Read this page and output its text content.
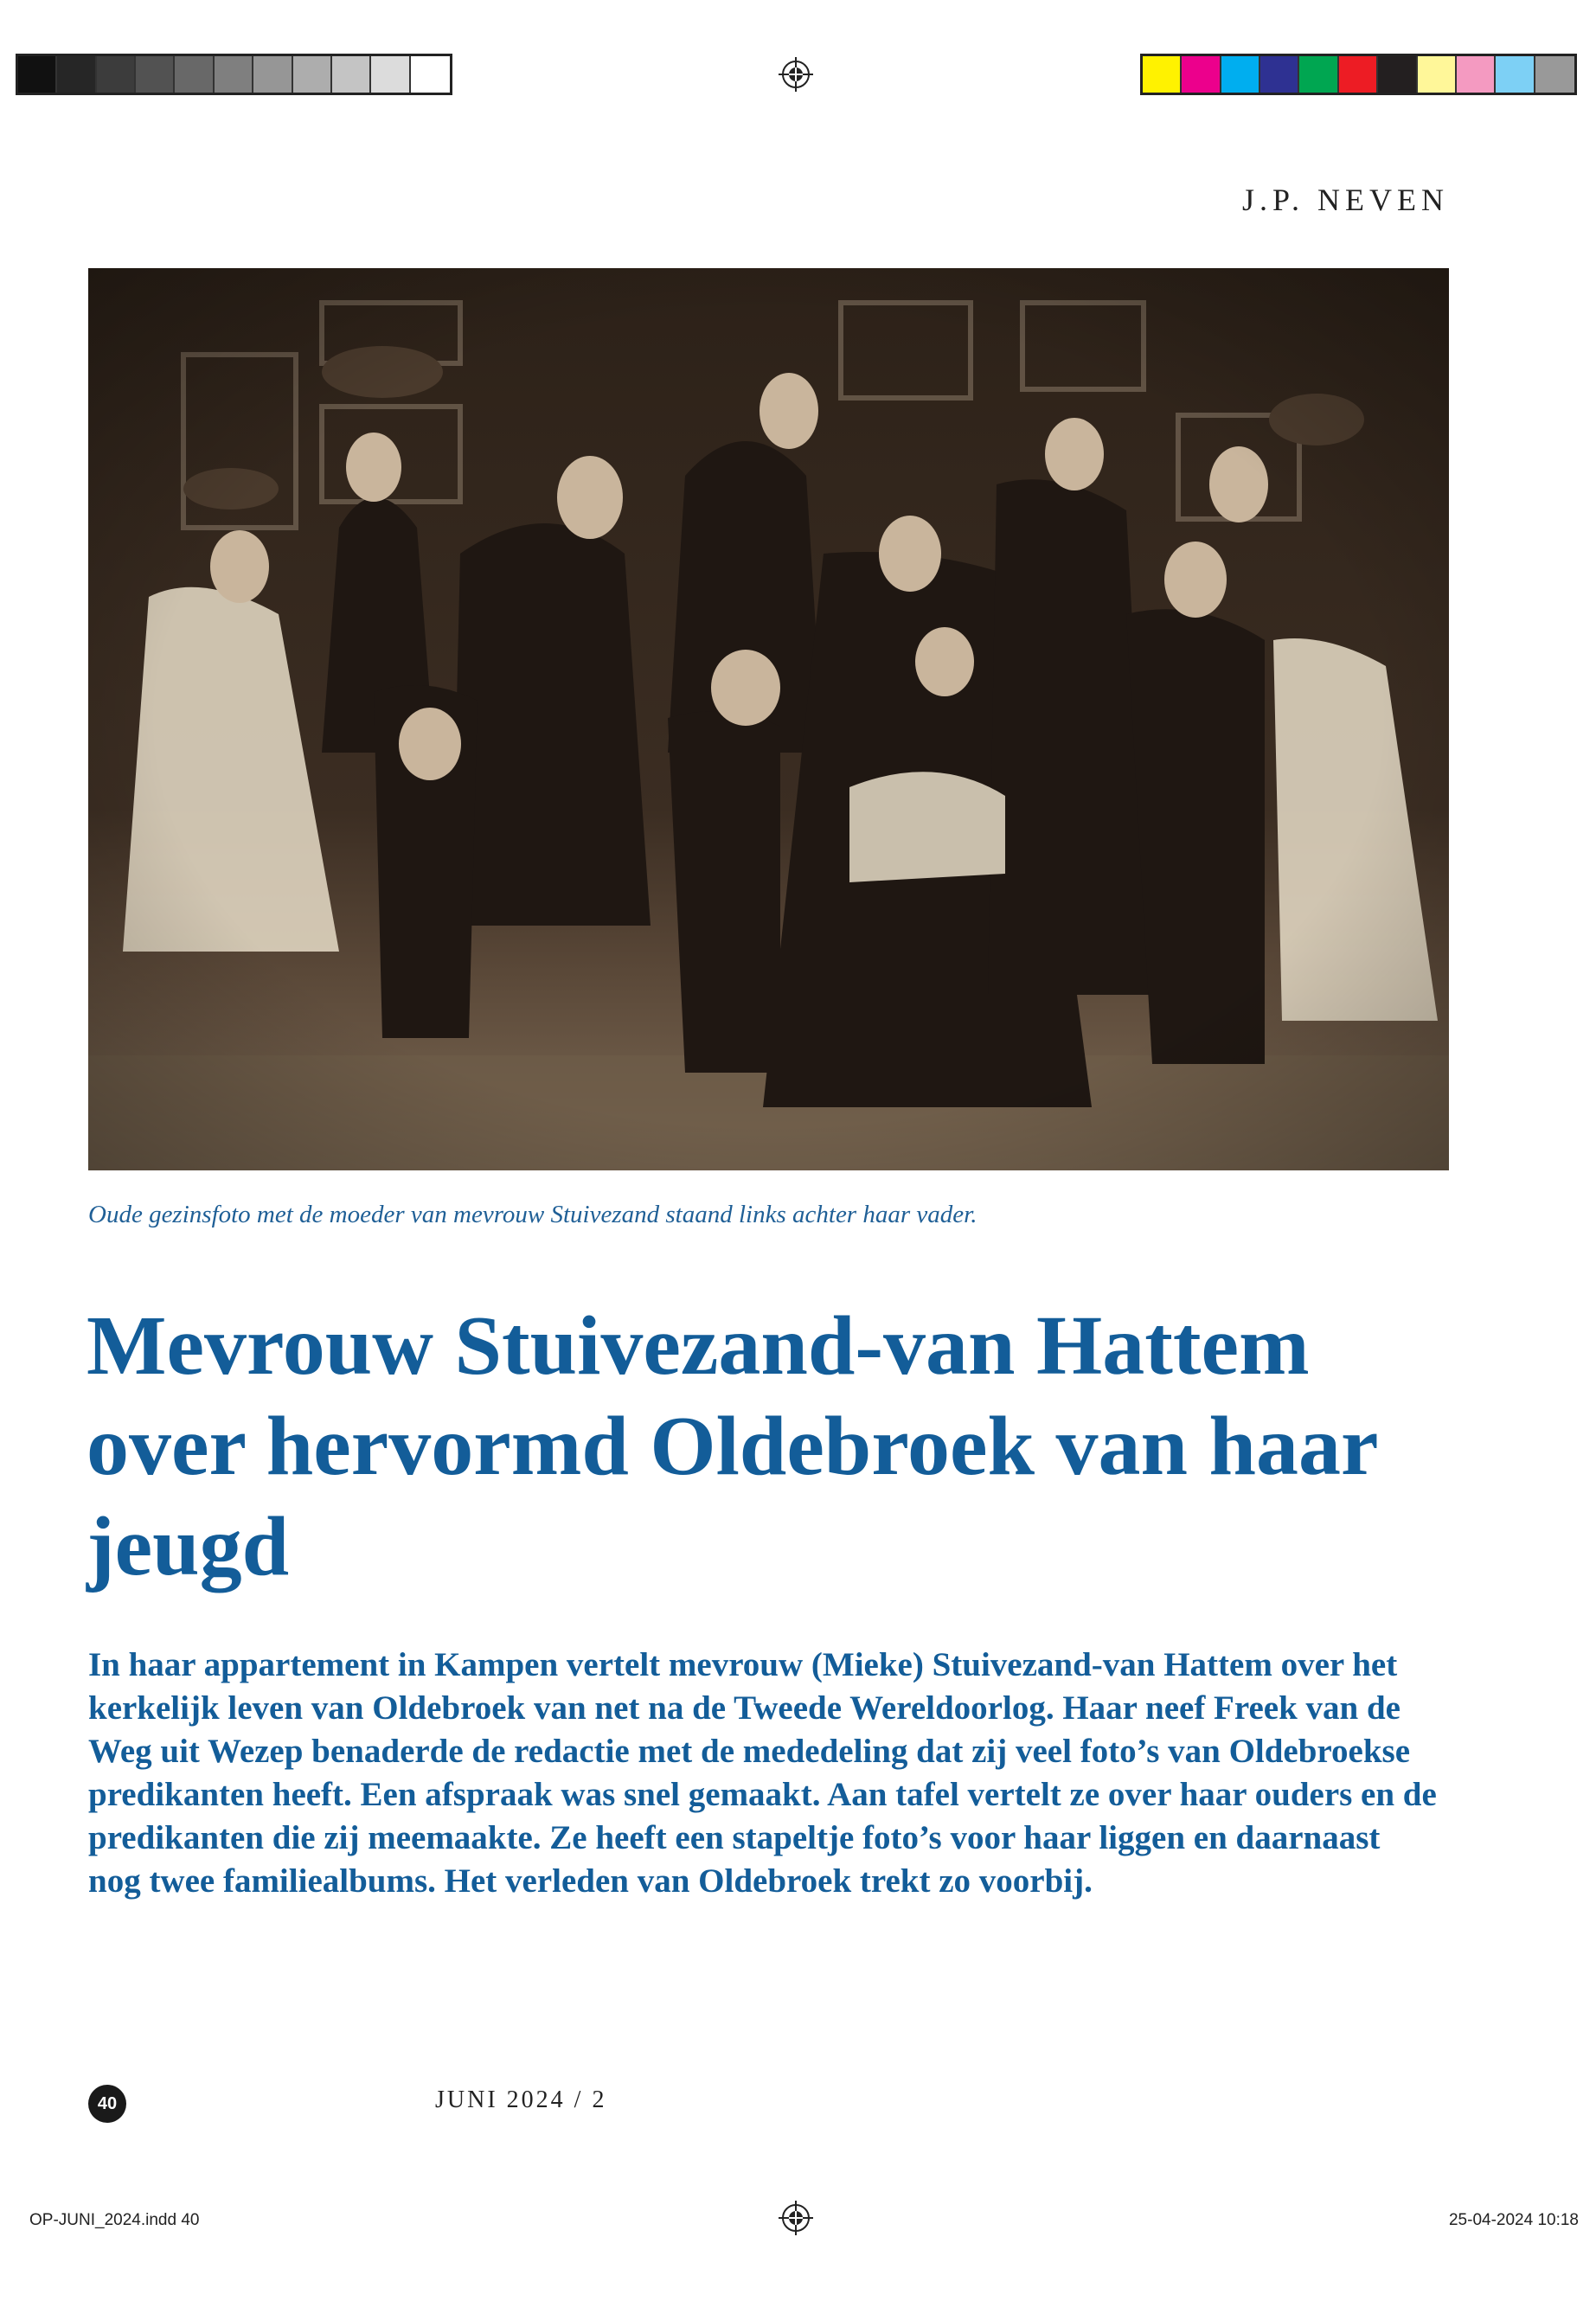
J.P. NEVEN
Oude gezinsfoto met de moeder van mevrouw Stuivezand staand links achter haar vader.
Mevrouw Stuivezand-van Hattem over hervormd Oldebroek van haar jeugd

In haar appartement in Kampen vertelt mevrouw (Mieke) Stuivezand-van Hattem over het kerkelijk leven van Oldebroek van net na de Tweede Wereldoorlog. Haar neef Freek van de Weg uit Wezep benaderde de redactie met de mededeling dat zij veel foto’s van Oldebroekse predikanten heeft. Een afspraak was snel gemaakt. Aan tafel vertelt ze over haar ouders en de predikanten die zij meemaakte. Ze heeft een stapeltje foto’s voor haar liggen en daarnaast nog twee familiealbums. Het verleden van Oldebroek trekt zo voorbij.

40	JUNI 2024 / 2
OP-JUNI_2024.indd 40	25-04-2024 10:18
